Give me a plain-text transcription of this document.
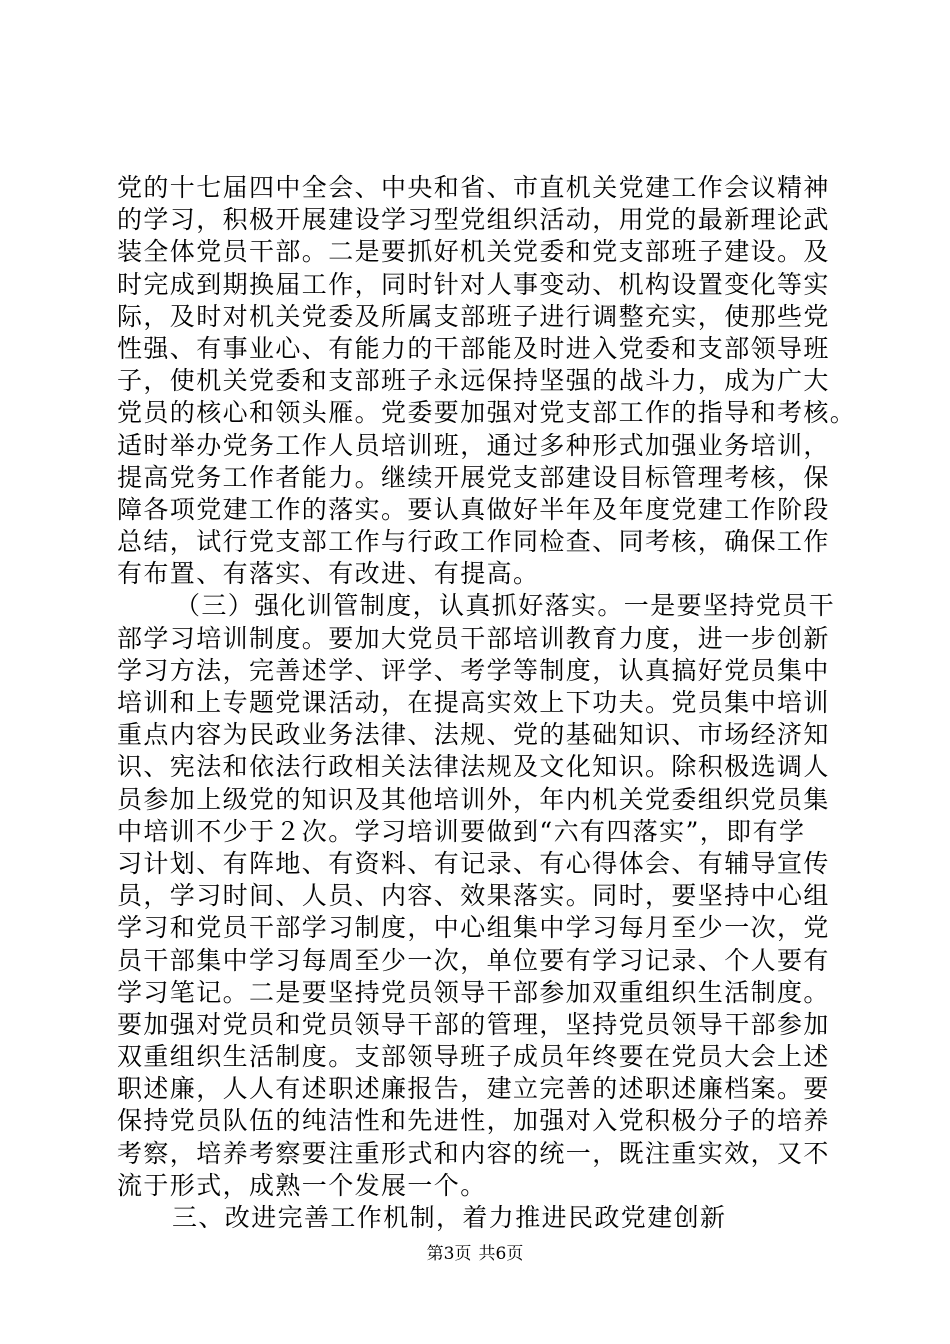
党的十七届四中全会、中央和省、市直机关党建工作会议精神
的学习，积极开展建设学习型党组织活动，用党的最新理论武
装全体党员干部。二是要抓好机关党委和党支部班子建设。及
时完成到期换届工作，同时针对人事变动、机构设置变化等实
际，及时对机关党委及所属支部班子进行调整充实，使那些党
性强、有事业心、有能力的干部能及时进入党委和支部领导班
子，使机关党委和支部班子永远保持坚强的战斗力，成为广大
党员的核心和领头雁。党委要加强对党支部工作的指导和考核。
适时举办党务工作人员培训班，通过多种形式加强业务培训，
提高党务工作者能力。继续开展党支部建设目标管理考核，保
障各项党建工作的落实。要认真做好半年及年度党建工作阶段
总结，试行党支部工作与行政工作同检查、同考核，确保工作
有布置、有落实、有改进、有提高。
（三）强化训管制度，认真抓好落实。一是要坚持党员干
部学习培训制度。要加大党员干部培训教育力度，进一步创新
学习方法，完善述学、评学、考学等制度，认真搞好党员集中
培训和上专题党课活动，在提高实效上下功夫。党员集中培训
重点内容为民政业务法律、法规、党的基础知识、市场经济知
识、宪法和依法行政相关法律法规及文化知识。除积极选调人
员参加上级党的知识及其他培训外，年内机关党委组织党员集
中培训不少于２次。学习培训要做到“六有四落实”，即有学
习计划、有阵地、有资料、有记录、有心得体会、有辅导宣传
员，学习时间、人员、内容、效果落实。同时，要坚持中心组
学习和党员干部学习制度，中心组集中学习每月至少一次，党
员干部集中学习每周至少一次，单位要有学习记录、个人要有
学习笔记。二是要坚持党员领导干部参加双重组织生活制度。
要加强对党员和党员领导干部的管理，坚持党员领导干部参加
双重组织生活制度。支部领导班子成员年终要在党员大会上述
职述廉，人人有述职述廉报告，建立完善的述职述廉档案。要
保持党员队伍的纯洁性和先进性，加强对入党积极分子的培养
考察，培养考察要注重形式和内容的统一，既注重实效，又不
流于形式，成熟一个发展一个。
三、改进完善工作机制，着力推进民政党建创新
第3页 共6页
